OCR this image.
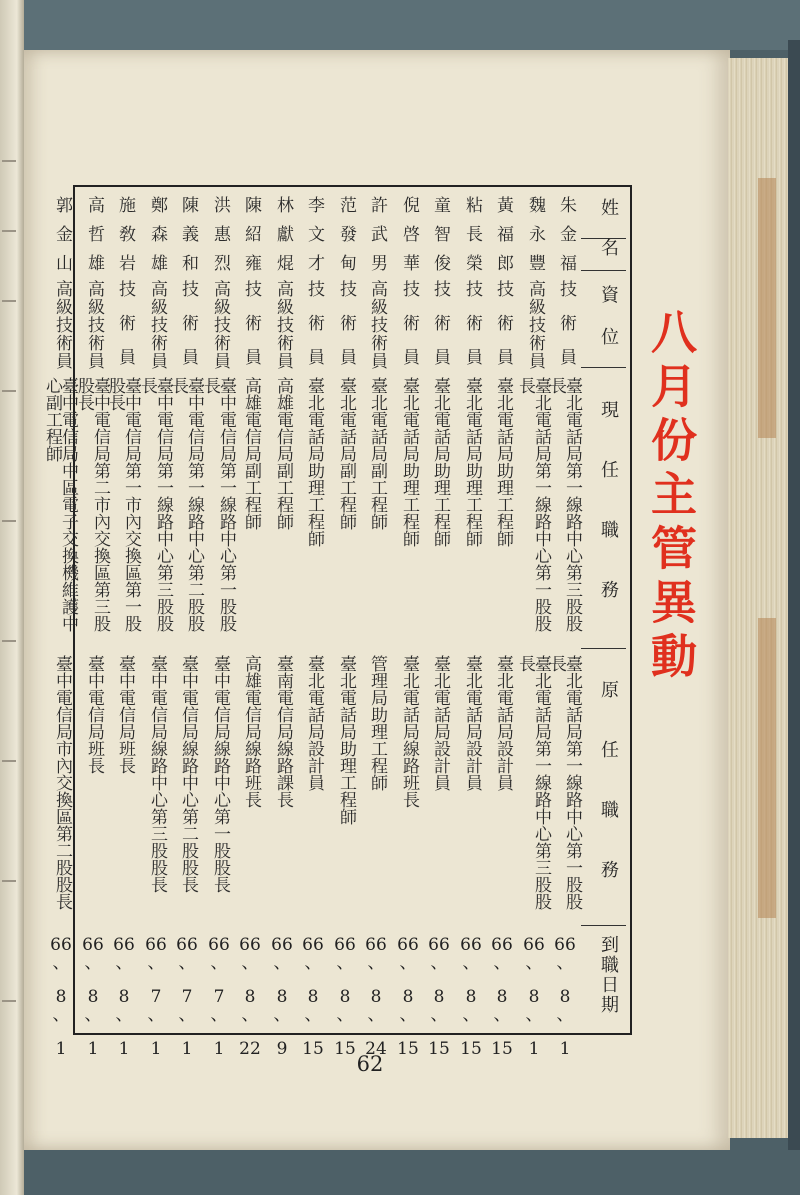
姓名
資位
現任職務
原任職務
到職日期
朱金福
技術員
臺北電話局第一線路中心第三股股
長
臺北電話局第一線路中心第一股股
長
66
、
8
、
1
魏永豐
高級技術員
臺北電話局第一線路中心第一股股
長
臺北電話局第一線路中心第三股股
長
66
、
8
、
1
黃福郎
技術員
臺北電話局助理工程師
臺北電話局設計員
66
、
8
、
15
粘長榮
技術員
臺北電話局助理工程師
臺北電話局設計員
66
、
8
、
15
童智俊
技術員
臺北電話局助理工程師
臺北電話局設計員
66
、
8
、
15
倪啓華
技術員
臺北電話局助理工程師
臺北電話局線路班長
66
、
8
、
15
許武男
高級技術員
臺北電話局副工程師
管理局助理工程師
66
、
8
、
24
范發甸
技術員
臺北電話局副工程師
臺北電話局助理工程師
66
、
8
、
15
李文才
技術員
臺北電話局助理工程師
臺北電話局設計員
66
、
8
、
15
林獻焜
高級技術員
高雄電信局副工程師
臺南電信局線路課長
66
、
8
、
9
陳紹雍
技術員
高雄電信局副工程師
高雄電信局線路班長
66
、
8
、
22
洪惠烈
高級技術員
臺中電信局第一線路中心第一股股
長
臺中電信局線路中心第一股股長
66
、
7
、
1
陳義和
技術員
臺中電信局第一線路中心第二股股
長
臺中電信局線路中心第二股股長
66
、
7
、
1
鄭森雄
高級技術員
臺中電信局第一線路中心第三股股
長
臺中電信局線路中心第三股股長
66
、
7
、
1
施敎岩
技術員
臺中電信局第一市內交換區第一股
股長
臺中電信局班長
66
、
8
、
1
高哲雄
高級技術員
臺中電信局第二市內交換區第三股
股長
臺中電信局班長
66
、
8
、
1
郭金山
高級技術員
臺中電信局中區電子交換機維護中
心副工程師
臺中電信局市內交換區第二股股長
66
、
8
、
1
八月份主管異動
62
